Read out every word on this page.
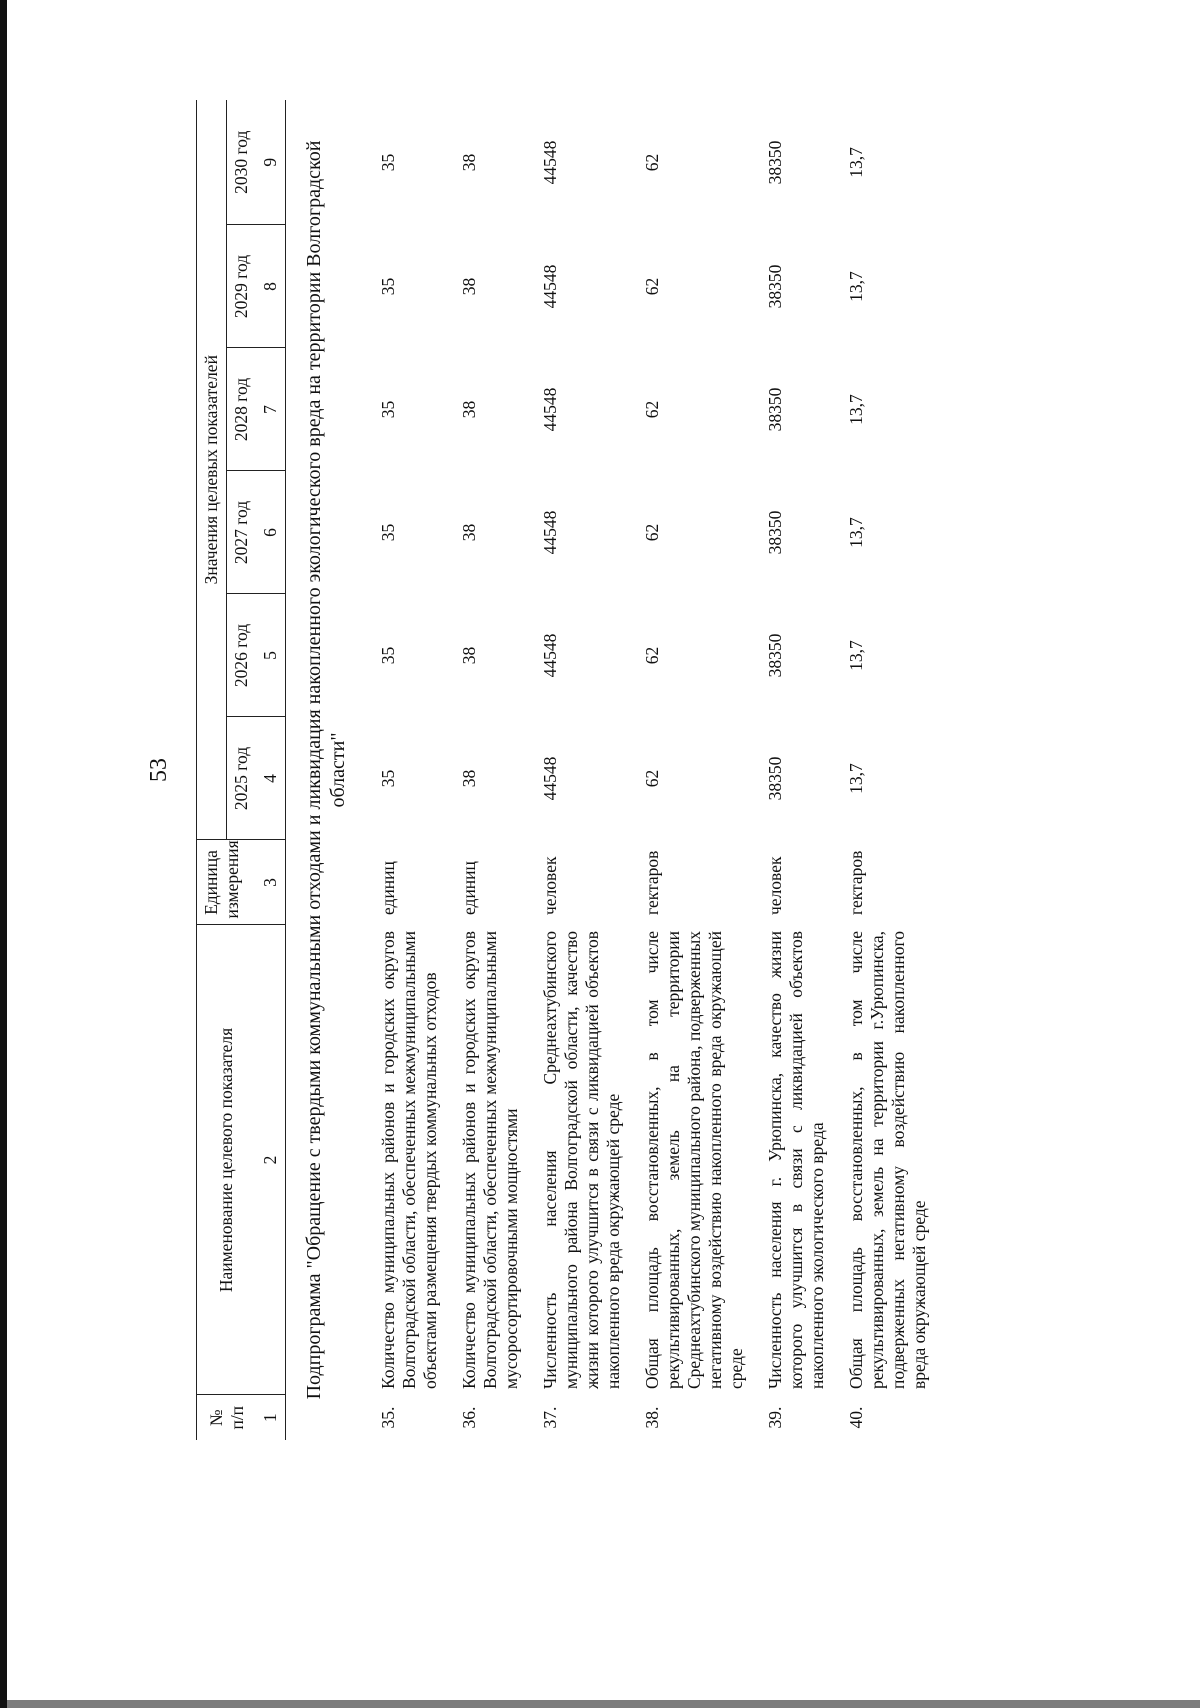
53
№ п/п	Наименование целевого показателя	Единица измерения	Значения целевых показателей					
			2025 год	2026 год	2027 год	2028 год	2029 год	2030 год
1	2	3	4	5	6	7	8	9
Подпрограмма "Обращение с твердыми коммунальными отходами и ликвидация накопленного экологического вреда на территории Волгоградской области"								
35.	Количество муниципальных районов и городских округов Волгоградской области, обеспеченных межмуниципальными объектами размещения твердых коммунальных отходов	единиц	35	35	35	35	35	35
36.	Количество муниципальных районов и городских округов Волгоградской области, обеспеченных межмуниципальными мусоросортировочными мощностями	единиц	38	38	38	38	38	38
37.	Численность населения Среднеахтубинского муниципального района Волгоградской области, качество жизни которого улучшится в связи с ликвидацией объектов накопленного вреда окружающей среде	человек	44548	44548	44548	44548	44548	44548
38.	Общая площадь восстановленных, в том числе рекультивированных, земель на территории Среднеахтубинского муниципального района, подверженных негативному воздействию накопленного вреда окружающей среде	гектаров	62	62	62	62	62	62
39.	Численность населения г. Урюпинска, качество жизни которого улучшится в связи с ликвидацией объектов накопленного экологического вреда	человек	38350	38350	38350	38350	38350	38350
40.	Общая площадь восстановленных, в том числе рекультивированных, земель на территории г.Урюпинска, подверженных негативному воздействию накопленного вреда окружающей среде	гектаров	13,7	13,7	13,7	13,7	13,7	13,7
